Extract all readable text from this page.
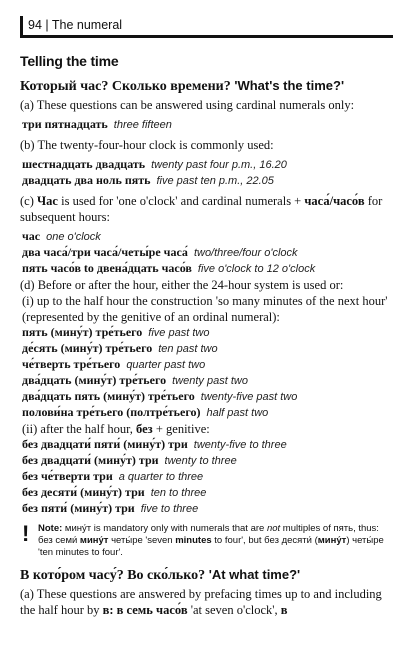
94 | The numeral
Telling the time
Который час? Сколько времени? 'What's the time?'

(a) These questions can be answered using cardinal numerals only:

три пятнадцать three fifteen

(b) The twenty-four-hour clock is commonly used:

шестнадцать двадцать twenty past four p.m., 16.20
двадцать два ноль пять five past ten p.m., 22.05

(c) Час is used for 'one o'clock' and cardinal numerals + часа́/часо́в for subsequent hours:

час one o'clock
два часа́/три часа́/четы́ре часа́ two/three/four o'clock
пять часо́в to двена́дцать часо́в five o'clock to 12 o'clock

(d) Before or after the hour, either the 24-hour system is used or:

(i) up to the half hour the construction 'so many minutes of the next hour' (represented by the genitive of an ordinal numeral):

пять (мину́т) тре́тьего five past two
де́сять (мину́т) тре́тьего ten past two
че́тверть тре́тьего quarter past two
два́дцать (мину́т) тре́тьего twenty past two
два́дцать пять (мину́т) тре́тьего twenty-five past two
полови́на тре́тьего (полтре́тьего) half past two

(ii) after the half hour, без + genitive:

без двадцати́ пяти́ (мину́т) три twenty-five to three
без двадцати́ (мину́т) три twenty to three
без че́тверти три a quarter to three
без десяти́ (мину́т) три ten to three
без пяти́ (мину́т) три five to three
! Note: мину́т is mandatory only with numerals that are not multiples of пять, thus: без семи́ мину́т четы́ре 'seven minutes to four', but без десяти́ (мину́т) четы́ре 'ten minutes to four'.
В кото́ром часу́? Во ско́лько? 'At what time?'

(a) These questions are answered by prefacing times up to and including the half hour by в: в семь часо́в 'at seven o'clock', в
